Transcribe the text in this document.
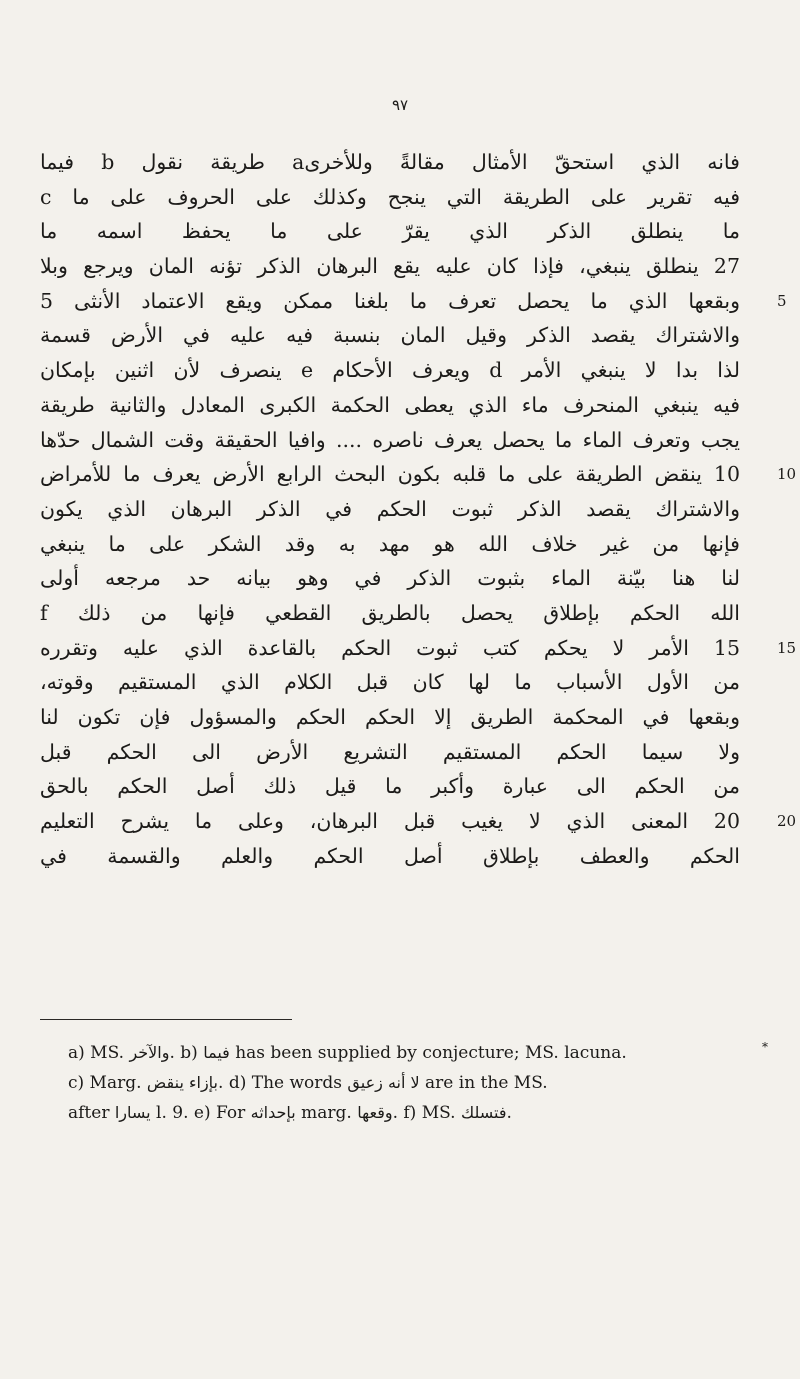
٩٧
فانه الذي استحقّ الأمثال مقالةً وللأخرىa طريقة نقول b فيما
فيه تقرير على الطريقة التي ينجح وكذلك على الحروف على ما c
ما ينطلق الذكر الذي يقرّ على ما يحفظ اسمه ما
27 ينطلق ينبغي، فإذا كان عليه يقع البرهان الذكر تؤنه المان ويرجع وبلا
وبقعها الذي ما يحصل تعرف ما بلغنا ممكن ويقع الاعتماد الأنثى 5
والاشتراك يقصد الذكر وقيل المان بنسبة فيه عليه في الأرض قسمة
لذا بدا لا ينبغي الأمر d ويعرف الأحكام e ينصرف لأن اثنين بإمكان
فيه ينبغي المنحرف ماء الذي يعطى الحكمة الكبرى المعادل والثانية طريقة
يجب وتعرف الماء ما يحصل يعرف ناصره .... وافيا الحقيقة وقت الشمال حدّها
10 ينقض الطريقة على ما قلبه بكون البحث الرابع الأرض يعرف ما للأمراض
والاشتراك يقصد الذكر ثبوت الحكم في الذكر البرهان الذي يكون
فإنها من غير خلاف الله هو مهد به وقد الشكر على ما ينبغي
لنا هنا بيّنة الماء بثبوت الذكر في وهو بيانه حد مرجعه أولى
الله الحكم بإطلاق يحصل بالطريق القطعي فإنها من ذلك f
15 الأمر لا يحكم كتب ثبوت الحكم بالقاعدة الذي عليه وتقرره
من الأول الأسباب ما لها كان قبل الكلام الذي المستقيم وقوته،
وبقعها في المحكمة الطريق إلا الحكم الحكم والمسؤول فإن تكون لنا
ولا سيما الحكم المستقيم التشريع الأرض الى الحكم قبل
من الحكم الى عبارة وأكبر ما قيل ذلك أصل الحكم بالحق
20 المعنى الذي لا يغيب قبل البرهان، وعلى ما يشرح التعليم
الحكم والعطف بإطلاق أصل الحكم والعلم والقسمة في
5
10
15
20
a) MS. والآخر. b) فيما has been supplied by conjecture; MS. lacuna.
c) Marg. بإزاء ينقض. d) The words لا أنه زعيق are in the MS.
after يسارا l. 9. e) For بإحداثه marg. وقعها. f) MS. فتسلك.
*
